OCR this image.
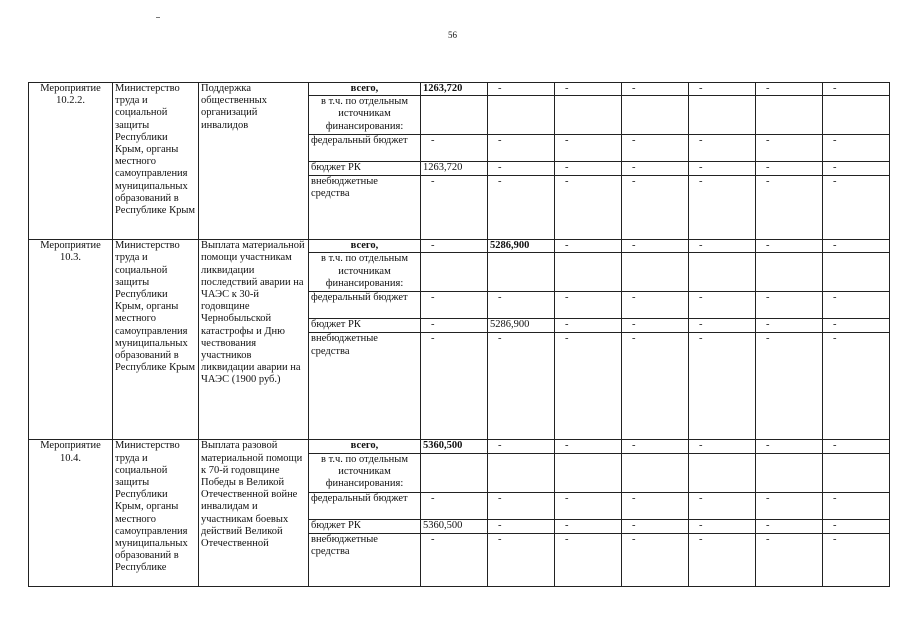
56
Мероприятие 10.2.2.	Министерство труда и социальной защиты Республики Крым, органы местного самоуправления муниципальных образований в Республике Крым	Поддержка общественных организаций инвалидов	всего,	1263,720	-	-	-	-	-	-
			в т.ч. по отдельным источникам финансирования:							
			федеральный бюджет	-	-	-	-	-	-	-
			бюджет РК	1263,720	-	-	-	-	-	-
			внебюджетные средства	-	-	-	-	-	-	-
Мероприятие 10.3.	Министерство труда и социальной защиты Республики Крым, органы местного самоуправления муниципальных образований в Республике Крым	Выплата материальной помощи участникам ликвидации последствий аварии на ЧАЭС к 30-й годовщине Чернобыльской катастрофы и Дню чествования участников ликвидации аварии на ЧАЭС (1900 руб.)	всего,	-	5286,900	-	-	-	-	-
			в т.ч. по отдельным источникам финансирования:							
			федеральный бюджет	-	-	-	-	-	-	-
			бюджет РК	-	5286,900	-	-	-	-	-
			внебюджетные средства	-	-	-	-	-	-	-
Мероприятие 10.4.	Министерство труда и социальной защиты Республики Крым, органы местного самоуправления муниципальных образований в Республике	Выплата разовой материальной помощи к 70-й годовщине Победы в Великой Отечественной войне инвалидам и участникам боевых действий Великой Отечественной	всего,	5360,500	-	-	-	-	-	-
			в т.ч. по отдельным источникам финансирования:							
			федеральный бюджет	-	-	-	-	-	-	-
			бюджет РК	5360,500	-	-	-	-	-	-
			внебюджетные средства	-	-	-	-	-	-	-
